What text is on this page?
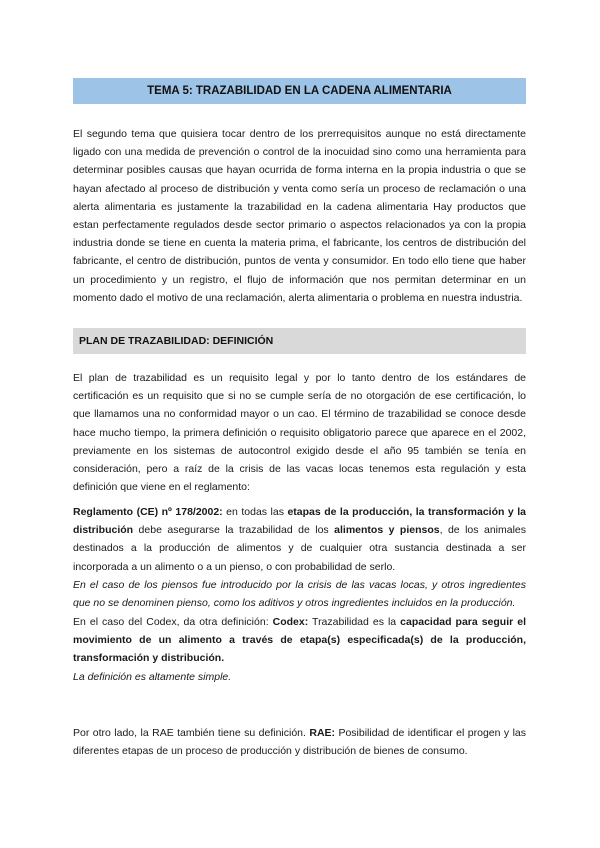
TEMA 5: TRAZABILIDAD EN LA CADENA ALIMENTARIA

El segundo tema que quisiera tocar dentro de los prerrequisitos aunque no está directamente ligado con una medida de prevención o control de la inocuidad sino como una herramienta para determinar posibles causas que hayan ocurrida de forma interna en la propia industria o que se hayan afectado al proceso de distribución y venta como sería un proceso de reclamación o una alerta alimentaria es justamente la trazabilidad en la cadena alimentaria Hay productos que estan perfectamente regulados desde sector primario o aspectos relacionados ya con la propia industria donde se tiene en cuenta la materia prima, el fabricante, los centros de distribución del fabricante, el centro de distribución, puntos de venta y consumidor. En todo ello tiene que haber un procedimiento y un registro, el flujo de información que nos permitan determinar en un momento dado el motivo de una reclamación, alerta alimentaria o problema en nuestra industria.

PLAN DE TRAZABILIDAD: DEFINICIÓN

El plan de trazabilidad es un requisito legal y por lo tanto dentro de los estándares de certificación es un requisito que si no se cumple sería de no otorgación de ese certificación, lo que llamamos una no conformidad mayor o un cao. El término de trazabilidad se conoce desde hace mucho tiempo, la primera definición o requisito obligatorio parece que aparece en el 2002, previamente en los sistemas de autocontrol exigido desde el año 95 también se tenía en consideración, pero a raíz de la crisis de las vacas locas tenemos esta regulación y esta definición que viene en el reglamento:

Reglamento (CE) nº 178/2002: en todas las etapas de la producción, la transformación y la distribución debe asegurarse la trazabilidad de los alimentos y piensos, de los animales destinados a la producción de alimentos y de cualquier otra sustancia destinada a ser incorporada a un alimento o a un pienso, o con probabilidad de serlo.
En el caso de los piensos fue introducido por la crisis de las vacas locas, y otros ingredientes que no se denominen pienso, como los aditivos y otros ingredientes incluidos en la producción.

En el caso del Codex, da otra definición: Codex: Trazabilidad es la capacidad para seguir el movimiento de un alimento a través de etapa(s) especificada(s) de la producción, transformación y distribución.
La definición es altamente simple.

Por otro lado, la RAE también tiene su definición. RAE: Posibilidad de identificar el progen y las diferentes etapas de un proceso de producción y distribución de bienes de consumo.
